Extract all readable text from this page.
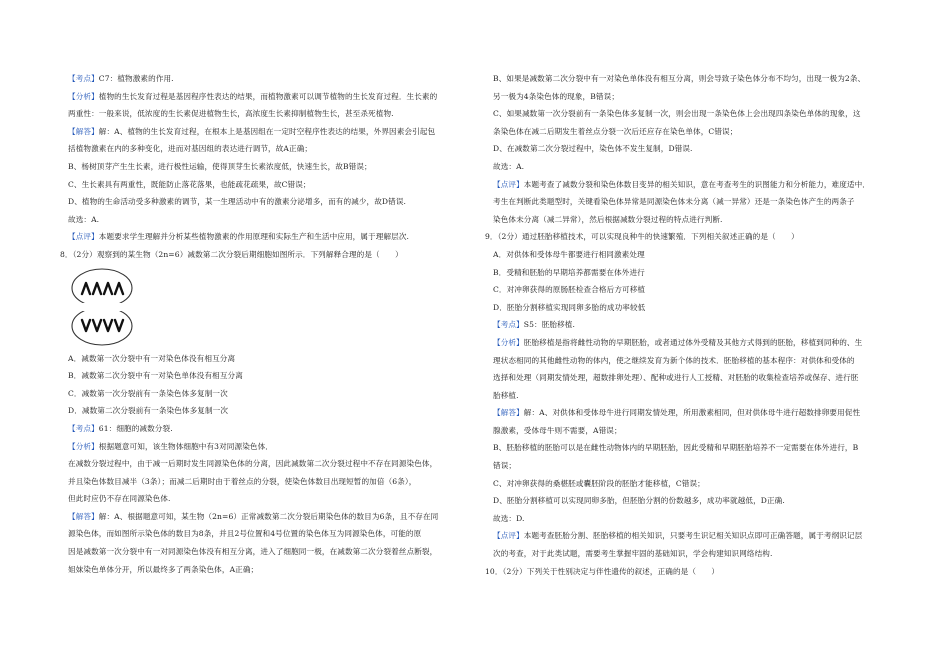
【考点】C7：植物激素的作用.

【分析】植物的生长发育过程是基因程序性表达的结果，而植物激素可以调节植物的生长发育过程．生长素的

两重性：一般来说，低浓度的生长素促进植物生长，高浓度生长素抑制植物生长，甚至杀死植物.

【解答】解：A、植物的生长发育过程，在根本上是基因组在一定时空程序性表达的结果，外界因素会引起包

括植物激素在内的多种变化，进而对基因组的表达进行调节，故A正确；

B、杨树顶芽产生生长素，进行极性运输，使得顶芽生长素浓度低，快速生长，故B错误；

C、生长素具有两重性，既能防止落花落果，也能疏花疏果，故C错误；

D、植物的生命活动受多种激素的调节，某一生理活动中有的激素分泌增多，而有的减少，故D错误.

故选：A.

【点评】本题要求学生理解并分析某些植物激素的作用原理和实际生产和生活中应用，属于理解层次.

8．（2分）观察到的某生物（2n=6）减数第二次分裂后期细胞如图所示．下列解释合理的是（　　）

A．减数第一次分裂中有一对染色体没有相互分离

B．减数第二次分裂中有一对染色单体没有相互分离

C．减数第一次分裂前有一条染色体多复制一次

D．减数第二次分裂前有一条染色体多复制一次

【考点】61：细胞的减数分裂.

【分析】根据题意可知，该生物体细胞中有3对同源染色体．

在减数分裂过程中，由于减一后期时发生同源染色体的分离，因此减数第二次分裂过程中不存在同源染色体，

并且染色体数目减半（3条）；而减二后期时由于着丝点的分裂，使染色体数目出现短暂的加倍（6条），

但此时应仍不存在同源染色体.

【解答】解：A、根据题意可知，某生物（2n=6）正常减数第二次分裂后期染色体的数目为6条，且不存在同

源染色体，而如图所示染色体的数目为8条，并且2号位置和4号位置的染色体互为同源染色体，可能的原

因是减数第一次分裂中有一对同源染色体没有相互分离，进入了细胞同一极，在减数第二次分裂着丝点断裂，

姐妹染色单体分开，所以最终多了两条染色体，A正确；

B、如果是减数第二次分裂中有一对染色单体没有相互分离，则会导致子染色体分布不均匀，出现一极为2条、

另一极为4条染色体的现象，B错误；

C、如果减数第一次分裂前有一条染色体多复制一次，则会出现一条染色体上会出现四条染色单体的现象，这

条染色体在减二后期发生着丝点分裂一次后还应存在染色单体，C错误；

D、在减数第二次分裂过程中，染色体不发生复制，D错误.

故选：A.

【点评】本题考查了减数分裂和染色体数目变异的相关知识，意在考查考生的识图能力和分析能力，难度适中．

考生在判断此类题型时，关键看染色体异常是同源染色体未分离（减一异常）还是一条染色体产生的两条子

染色体未分离（减二异常），然后根据减数分裂过程的特点进行判断.

9．（2分）通过胚胎移植技术，可以实现良种牛的快速繁殖．下列相关叙述正确的是（　　）

A．对供体和受体母牛都要进行相同激素处理

B．受精和胚胎的早期培养都需要在体外进行

C．对冲卵获得的原肠胚检查合格后方可移植

D．胚胎分割移植实现同卵多胎的成功率较低

【考点】S5：胚胎移植.

【分析】胚胎移植是指将雌性动物的早期胚胎，或者通过体外受精及其他方式得到的胚胎，移植到同种的、生

理状态相同的其他雌性动物的体内，使之继续发育为新个体的技术．胚胎移植的基本程序：对供体和受体的

选择和处理（同期发情处理，超数排卵处理）、配种或进行人工授精、对胚胎的收集检查培养或保存、进行胚

胎移植.

【解答】解：A、对供体和受体母牛进行同期发情处理，所用激素相同，但对供体母牛进行超数排卵要用促性

腺激素，受体母牛则不需要，A错误；

B、胚胎移植的胚胎可以是在雌性动物体内的早期胚胎，因此受精和早期胚胎培养不一定需要在体外进行，B

错误；

C、对冲卵获得的桑椹胚或囊胚阶段的胚胎才能移植，C错误；

D、胚胎分割移植可以实现同卵多胎，但胚胎分割的份数越多，成功率就越低，D正确.

故选：D.

【点评】本题考查胚胎分割、胚胎移植的相关知识，只要考生识记相关知识点即可正确答题，属于考纲识记层

次的考查，对于此类试题，需要考生掌握牢固的基础知识，学会构建知识网络结构.

10．（2分）下列关于性别决定与伴性遗传的叙述，正确的是（　　）
